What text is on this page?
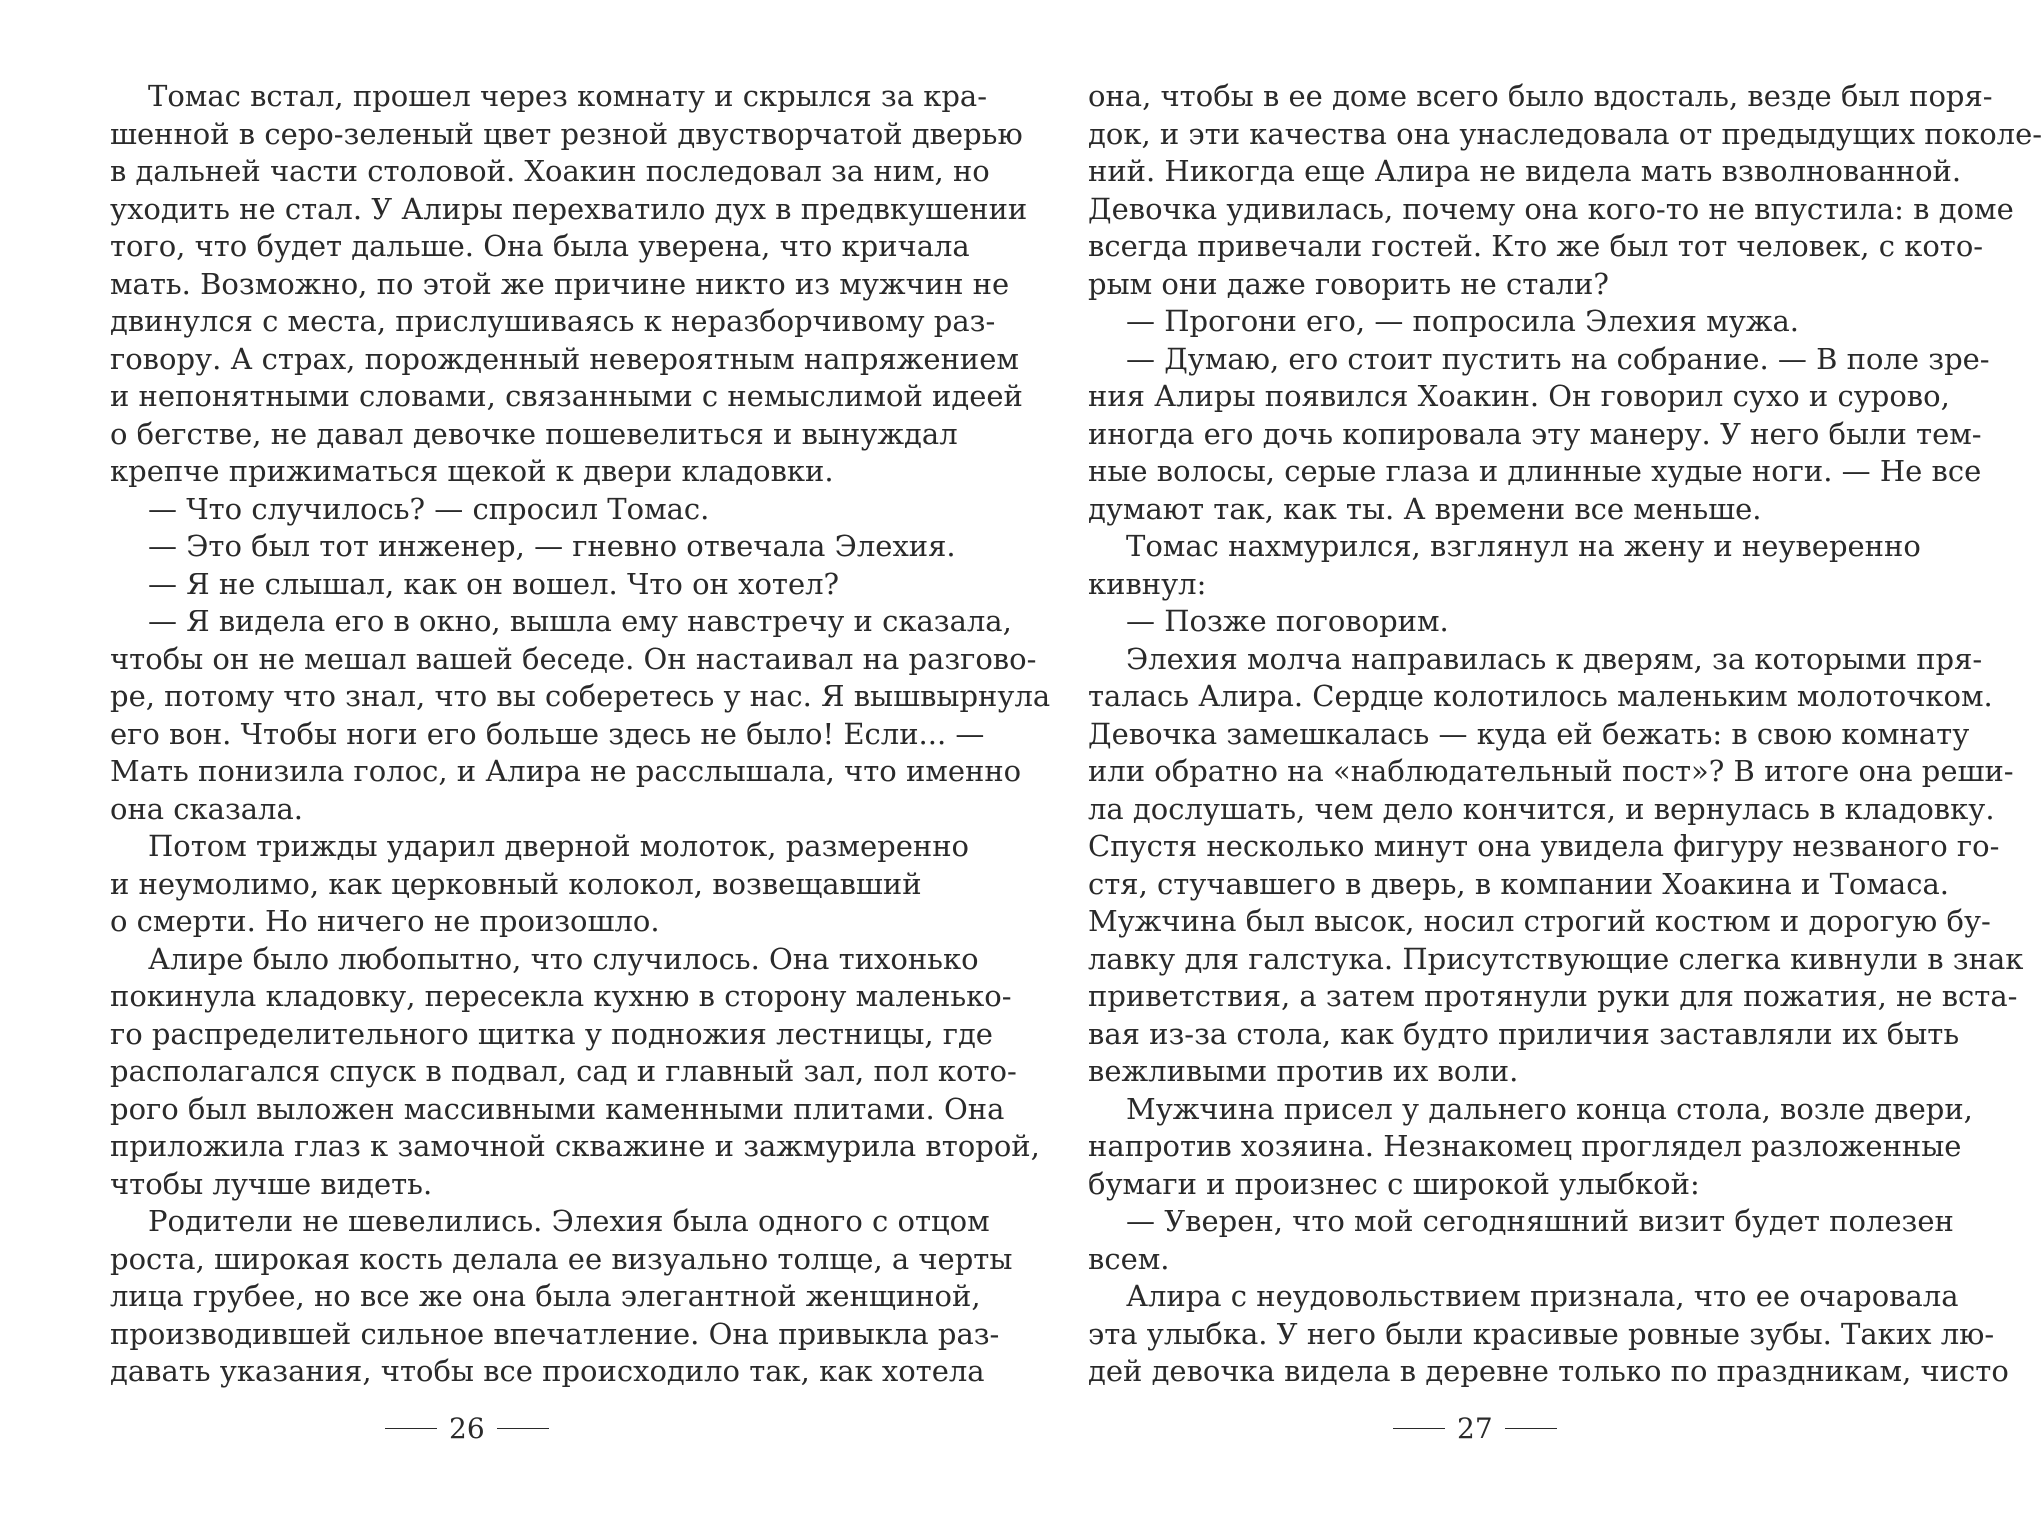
Томас встал, прошел через комнату и скрылся за кра-
шенной в серо-зеленый цвет резной двустворчатой дверью
в дальней части столовой. Хоакин последовал за ним, но
уходить не стал. У Алиры перехватило дух в предвкушении
того, что будет дальше. Она была уверена, что кричала
мать. Возможно, по этой же причине никто из мужчин не
двинулся с места, прислушиваясь к неразборчивому раз-
говору. А страх, порожденный невероятным напряжением
и непонятными словами, связанными с немыслимой идеей
о бегстве, не давал девочке пошевелиться и вынуждал
крепче прижиматься щекой к двери кладовки.
— Что случилось? — спросил Томас.
— Это был тот инженер, — гневно отвечала Элехия.
— Я не слышал, как он вошел. Что он хотел?
— Я видела его в окно, вышла ему навстречу и сказала,
чтобы он не мешал вашей беседе. Он настаивал на разгово-
ре, потому что знал, что вы соберетесь у нас. Я вышвырнула
его вон. Чтобы ноги его больше здесь не было! Если... —
Мать понизила голос, и Алира не расслышала, что именно
она сказала.
Потом трижды ударил дверной молоток, размеренно
и неумолимо, как церковный колокол, возвещавший
о смерти. Но ничего не произошло.
Алире было любопытно, что случилось. Она тихонько
покинула кладовку, пересекла кухню в сторону маленько-
го распределительного щитка у подножия лестницы, где
располагался спуск в подвал, сад и главный зал, пол кото-
рого был выложен массивными каменными плитами. Она
приложила глаз к замочной скважине и зажмурила второй,
чтобы лучше видеть.
Родители не шевелились. Элехия была одного с отцом
роста, широкая кость делала ее визуально толще, а черты
лица грубее, но все же она была элегантной женщиной,
производившей сильное впечатление. Она привыкла раз-
давать указания, чтобы все происходило так, как хотела
она, чтобы в ее доме всего было вдосталь, везде был поря-
док, и эти качества она унаследовала от предыдущих поколе-
ний. Никогда еще Алира не видела мать взволнованной.
Девочка удивилась, почему она кого-то не впустила: в доме
всегда привечали гостей. Кто же был тот человек, с кото-
рым они даже говорить не стали?
— Прогони его, — попросила Элехия мужа.
— Думаю, его стоит пустить на собрание. — В поле зре-
ния Алиры появился Хоакин. Он говорил сухо и сурово,
иногда его дочь копировала эту манеру. У него были тем-
ные волосы, серые глаза и длинные худые ноги. — Не все
думают так, как ты. А времени все меньше.
Томас нахмурился, взглянул на жену и неуверенно
кивнул:
— Позже поговорим.
Элехия молча направилась к дверям, за которыми пря-
талась Алира. Сердце колотилось маленьким молоточком.
Девочка замешкалась — куда ей бежать: в свою комнату
или обратно на «наблюдательный пост»? В итоге она реши-
ла дослушать, чем дело кончится, и вернулась в кладовку.
Спустя несколько минут она увидела фигуру незваного го-
стя, стучавшего в дверь, в компании Хоакина и Томаса.
Мужчина был высок, носил строгий костюм и дорогую бу-
лавку для галстука. Присутствующие слегка кивнули в знак
приветствия, а затем протянули руки для пожатия, не вста-
вая из-за стола, как будто приличия заставляли их быть
вежливыми против их воли.
Мужчина присел у дальнего конца стола, возле двери,
напротив хозяина. Незнакомец проглядел разложенные
бумаги и произнес с широкой улыбкой:
— Уверен, что мой сегодняшний визит будет полезен
всем.
Алира с неудовольствием признала, что ее очаровала
эта улыбка. У него были красивые ровные зубы. Таких лю-
дей девочка видела в деревне только по праздникам, чисто
26	27
